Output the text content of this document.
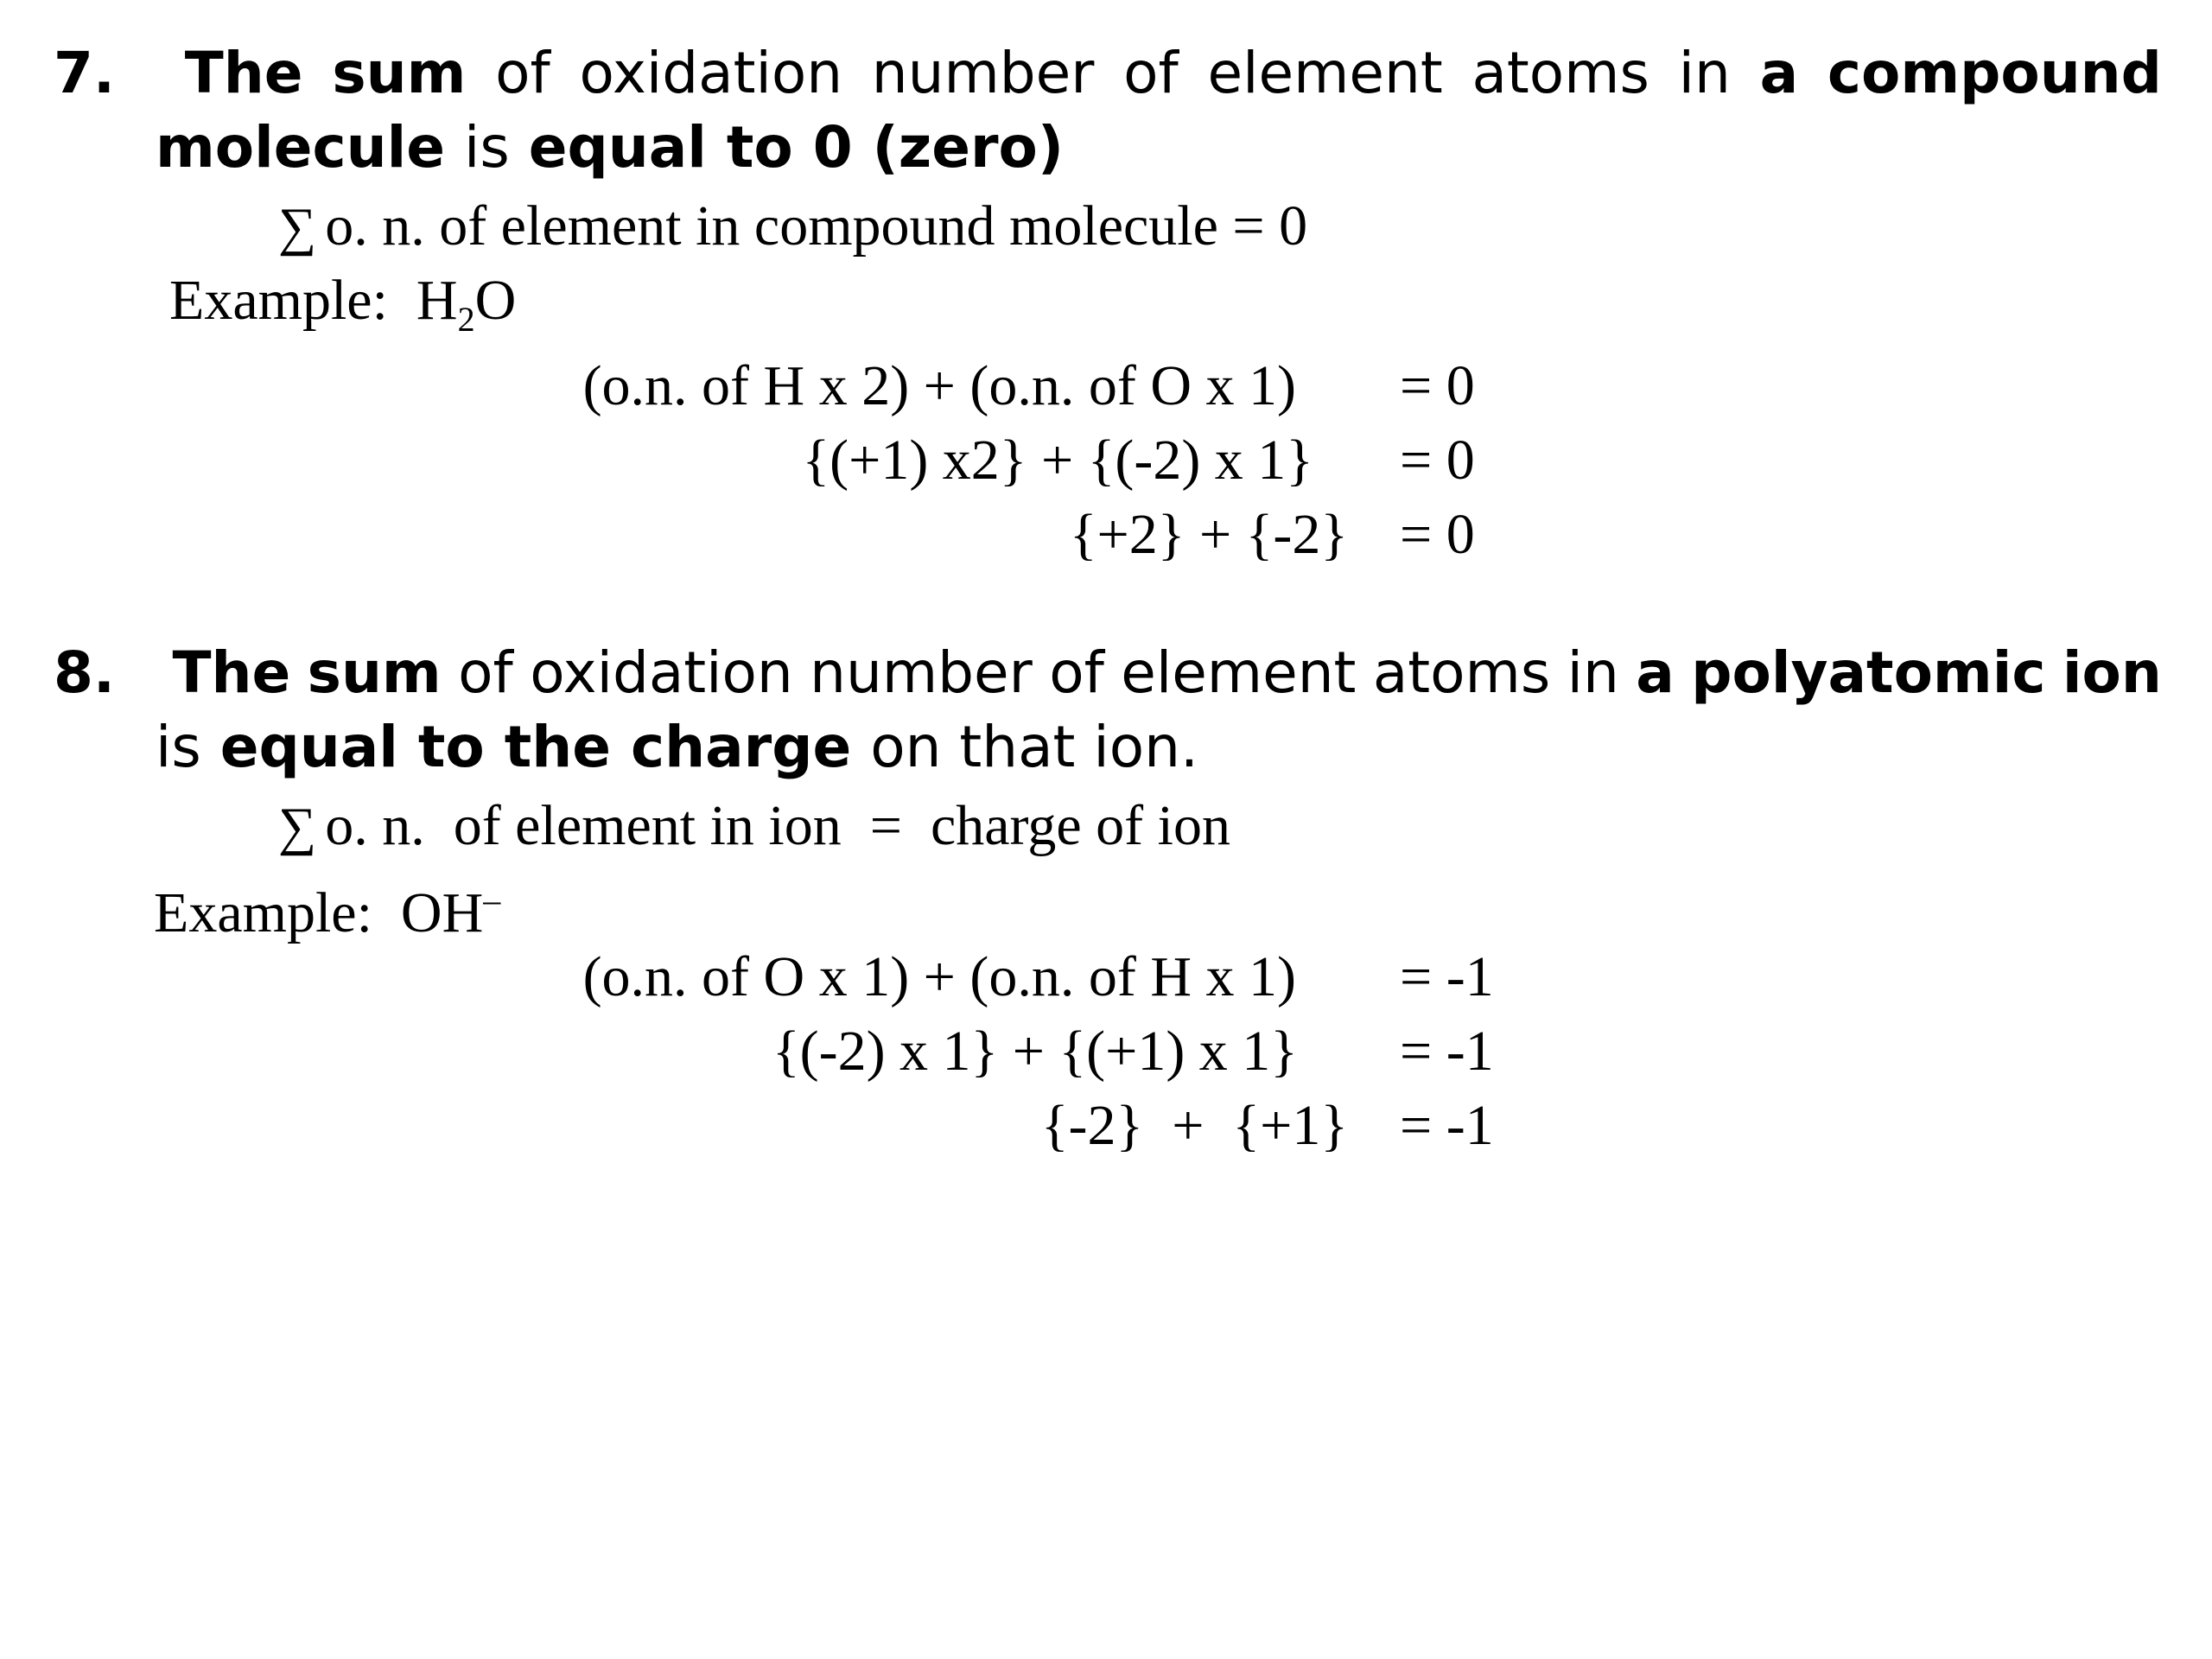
7.	The sum of oxidation number of element atoms in a compound
molecule is equal to 0 (zero)
∑ o. n. of element in compound molecule = 0
Example: $H_2O$
(o.n. of H x 2) + (o.n. of O x 1) = 0
{(+1) x2} + {(-2) x 1} = 0
{+2} + {-2} = 0
8.	The sum of oxidation number of element atoms in a polyatomic ion
is equal to the charge on that ion.
∑ o. n.  of element in ion  =  charge of ion
Example: OH–
(o.n. of O x 1) + (o.n. of H x 1) = -1
{(-2) x 1} + {(+1) x 1} = -1
{-2}  +  {+1} = -1
